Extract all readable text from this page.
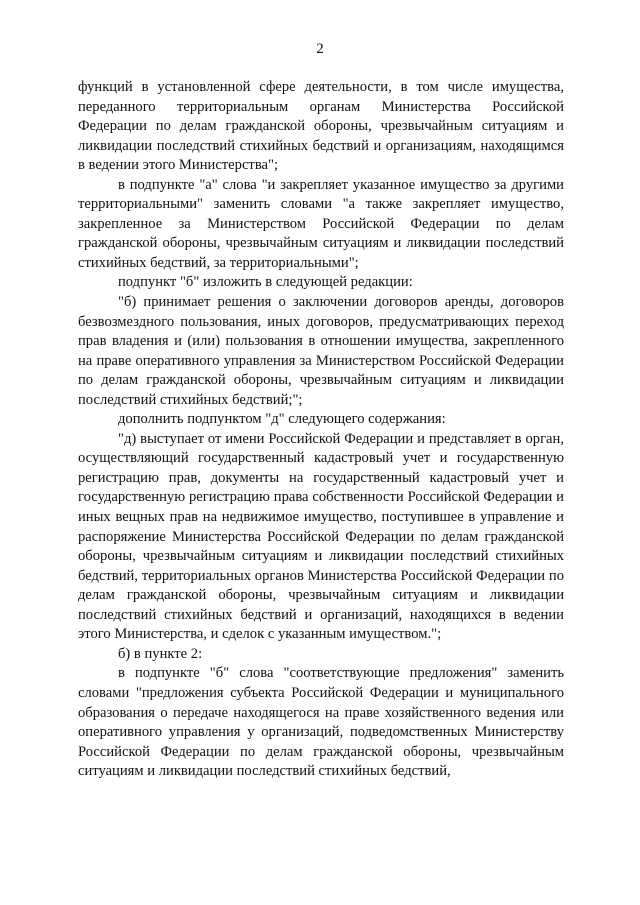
2

функций в установленной сфере деятельности, в том числе имущества, переданного территориальным органам Министерства Российской Федерации по делам гражданской обороны, чрезвычайным ситуациям и ликвидации последствий стихийных бедствий и организациям, находящимся в ведении этого Министерства";

в подпункте "а" слова "и закрепляет указанное имущество за другими территориальными" заменить словами "а также закрепляет имущество, закрепленное за Министерством Российской Федерации по делам гражданской обороны, чрезвычайным ситуациям и ликвидации последствий стихийных бедствий, за территориальными";

подпункт "б" изложить в следующей редакции:

"б) принимает решения о заключении договоров аренды, договоров безвозмездного пользования, иных договоров, предусматривающих переход прав владения и (или) пользования в отношении имущества, закрепленного на праве оперативного управления за Министерством Российской Федерации по делам гражданской обороны, чрезвычайным ситуациям и ликвидации последствий стихийных бедствий;";

дополнить подпунктом "д" следующего содержания:

"д) выступает от имени Российской Федерации и представляет в орган, осуществляющий государственный кадастровый учет и государственную регистрацию прав, документы на государственный кадастровый учет и государственную регистрацию права собственности Российской Федерации и иных вещных прав на недвижимое имущество, поступившее в управление и распоряжение Министерства Российской Федерации по делам гражданской обороны, чрезвычайным ситуациям и ликвидации последствий стихийных бедствий, территориальных органов Министерства Российской Федерации по делам гражданской обороны, чрезвычайным ситуациям и ликвидации последствий стихийных бедствий и организаций, находящихся в ведении этого Министерства, и сделок с указанным имуществом.";

б) в пункте 2:

в подпункте "б" слова "соответствующие предложения" заменить словами "предложения субъекта Российской Федерации и муниципального образования о передаче находящегося на праве хозяйственного ведения или оперативного управления у организаций, подведомственных Министерству Российской Федерации по делам гражданской обороны, чрезвычайным ситуациям и ликвидации последствий стихийных бедствий,
